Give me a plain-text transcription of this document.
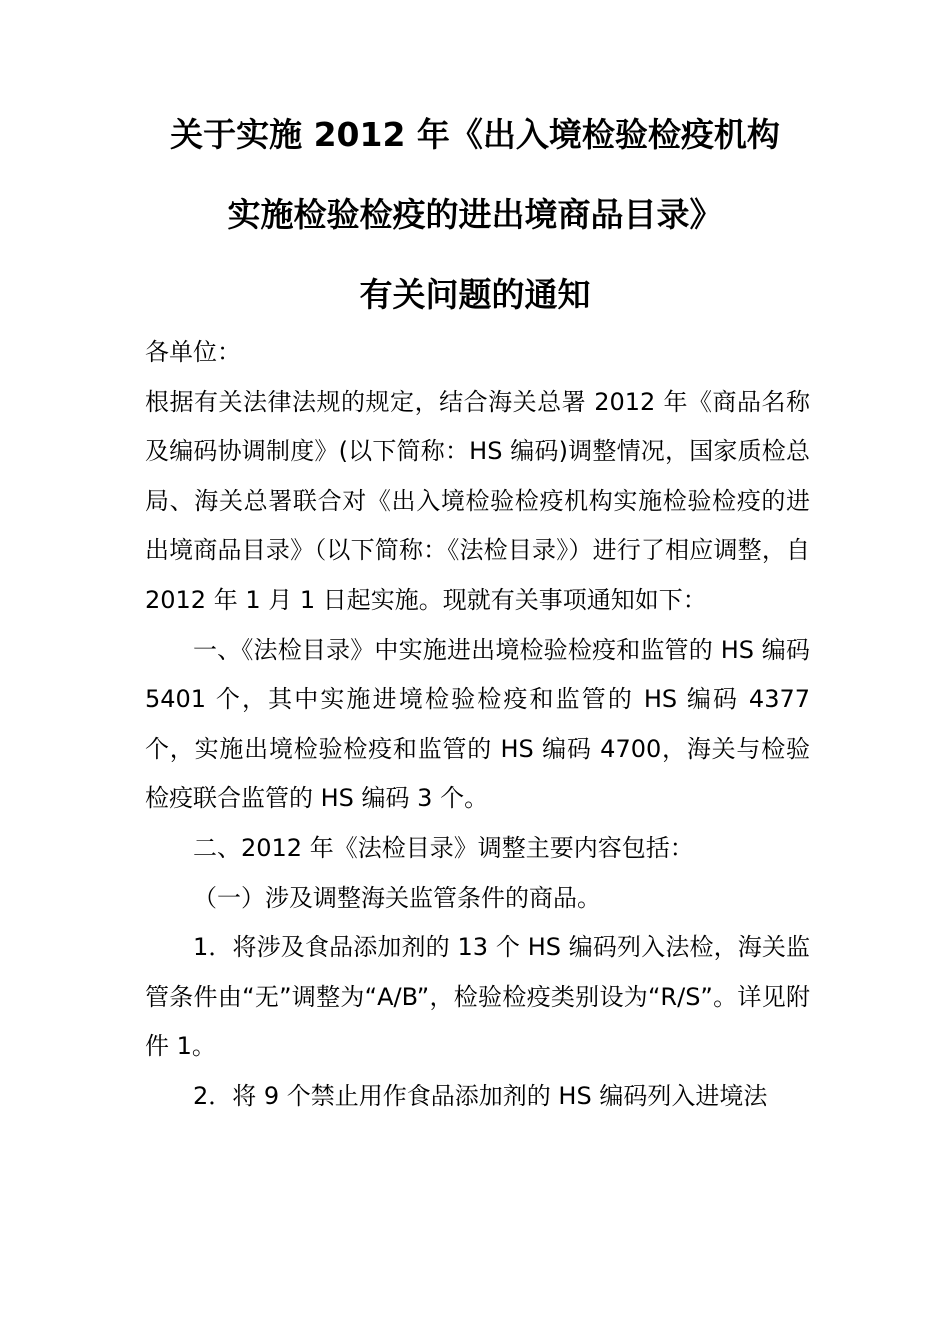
关于实施 2012 年《出入境检验检疫机构
实施检验检疫的进出境商品目录》
有关问题的通知

各单位：

根据有关法律法规的规定，结合海关总署 2012 年《商品名称及编码协调制度》(以下简称：HS 编码)调整情况，国家质检总局、海关总署联合对《出入境检验检疫机构实施检验检疫的进出境商品目录》（以下简称：《法检目录》）进行了相应调整，自 2012 年 1 月 1 日起实施。现就有关事项通知如下：

一、《法检目录》中实施进出境检验检疫和监管的 HS 编码 5401 个，其中实施进境检验检疫和监管的 HS 编码 4377 个，实施出境检验检疫和监管的 HS 编码 4700，海关与检验检疫联合监管的 HS 编码 3 个。

二、2012 年《法检目录》调整主要内容包括：

（一）涉及调整海关监管条件的商品。

1．将涉及食品添加剂的 13 个 HS 编码列入法检，海关监管条件由“无”调整为“A/B”，检验检疫类别设为“R/S”。详见附件 1。

2．将 9 个禁止用作食品添加剂的 HS 编码列入进境法
